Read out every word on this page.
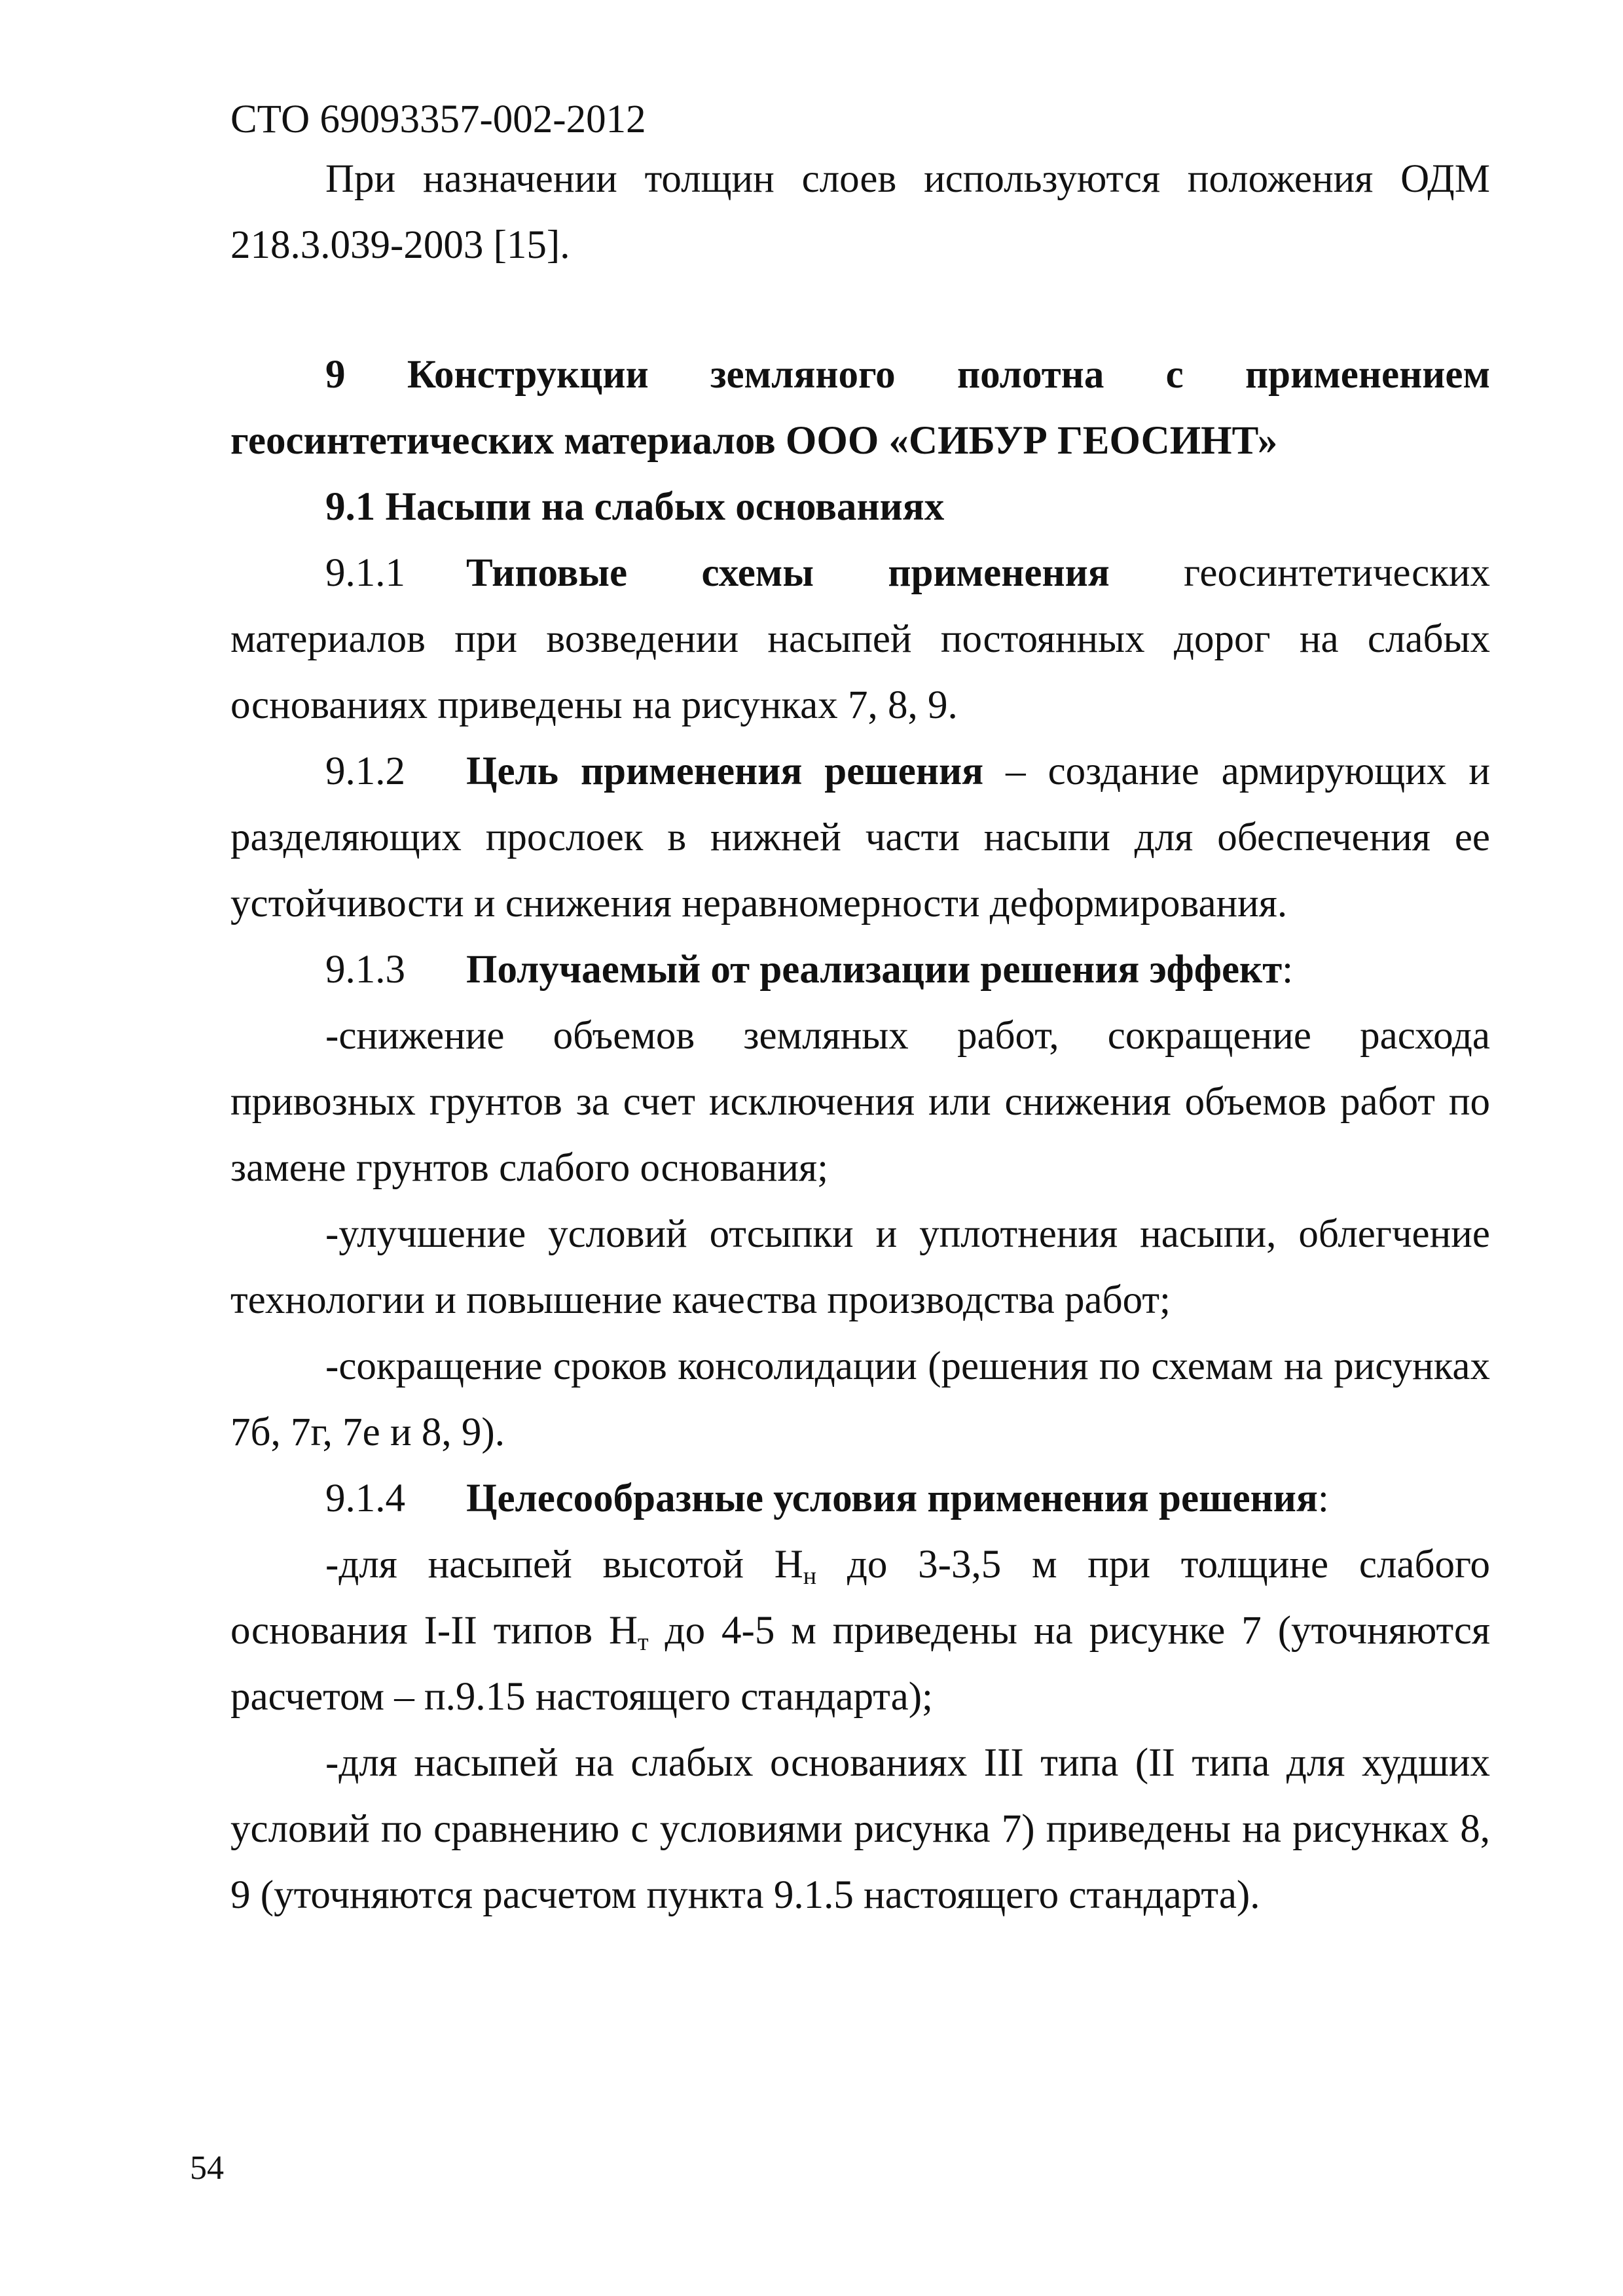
СТО 69093357-002-2012

При назначении толщин слоев используются положения ОДМ 218.3.039-2003 [15].

9 Конструкции земляного полотна с применением

геосинтетических материалов ООО «СИБУР ГЕОСИНТ»

9.1 Насыпи на слабых основаниях

9.1.1 Типовые схемы применения геосинтетических материалов при возведении насыпей постоянных дорог на слабых основаниях приведены на рисунках 7, 8, 9.

9.1.2 Цель применения решения – создание армирующих и разделяющих прослоек в нижней части насыпи для обеспечения ее устойчивости и снижения неравномерности деформирования.

9.1.3 Получаемый от реализации решения эффект:

-снижение объемов земляных работ, сокращение расхода привозных грунтов за счет исключения или снижения объемов работ по замене грунтов слабого основания;

-улучшение условий отсыпки и уплотнения насыпи, облегчение технологии и повышение качества производства работ;

-сокращение сроков консолидации (решения по схемам на рисунках 7б, 7г, 7е и 8, 9).

9.1.4 Целесообразные условия применения решения:

-для насыпей высотой $H_н$ до 3-3,5 м при толщине слабого основания I-II типов $H_т$ до 4-5 м приведены на рисунке 7 (уточняются расчетом – п.9.15 настоящего стандарта);

-для насыпей на слабых основаниях III типа (II типа для худших условий по сравнению с условиями рисунка 7) приведены на рисунках 8, 9 (уточняются расчетом пункта 9.1.5 настоящего стандарта).

54
